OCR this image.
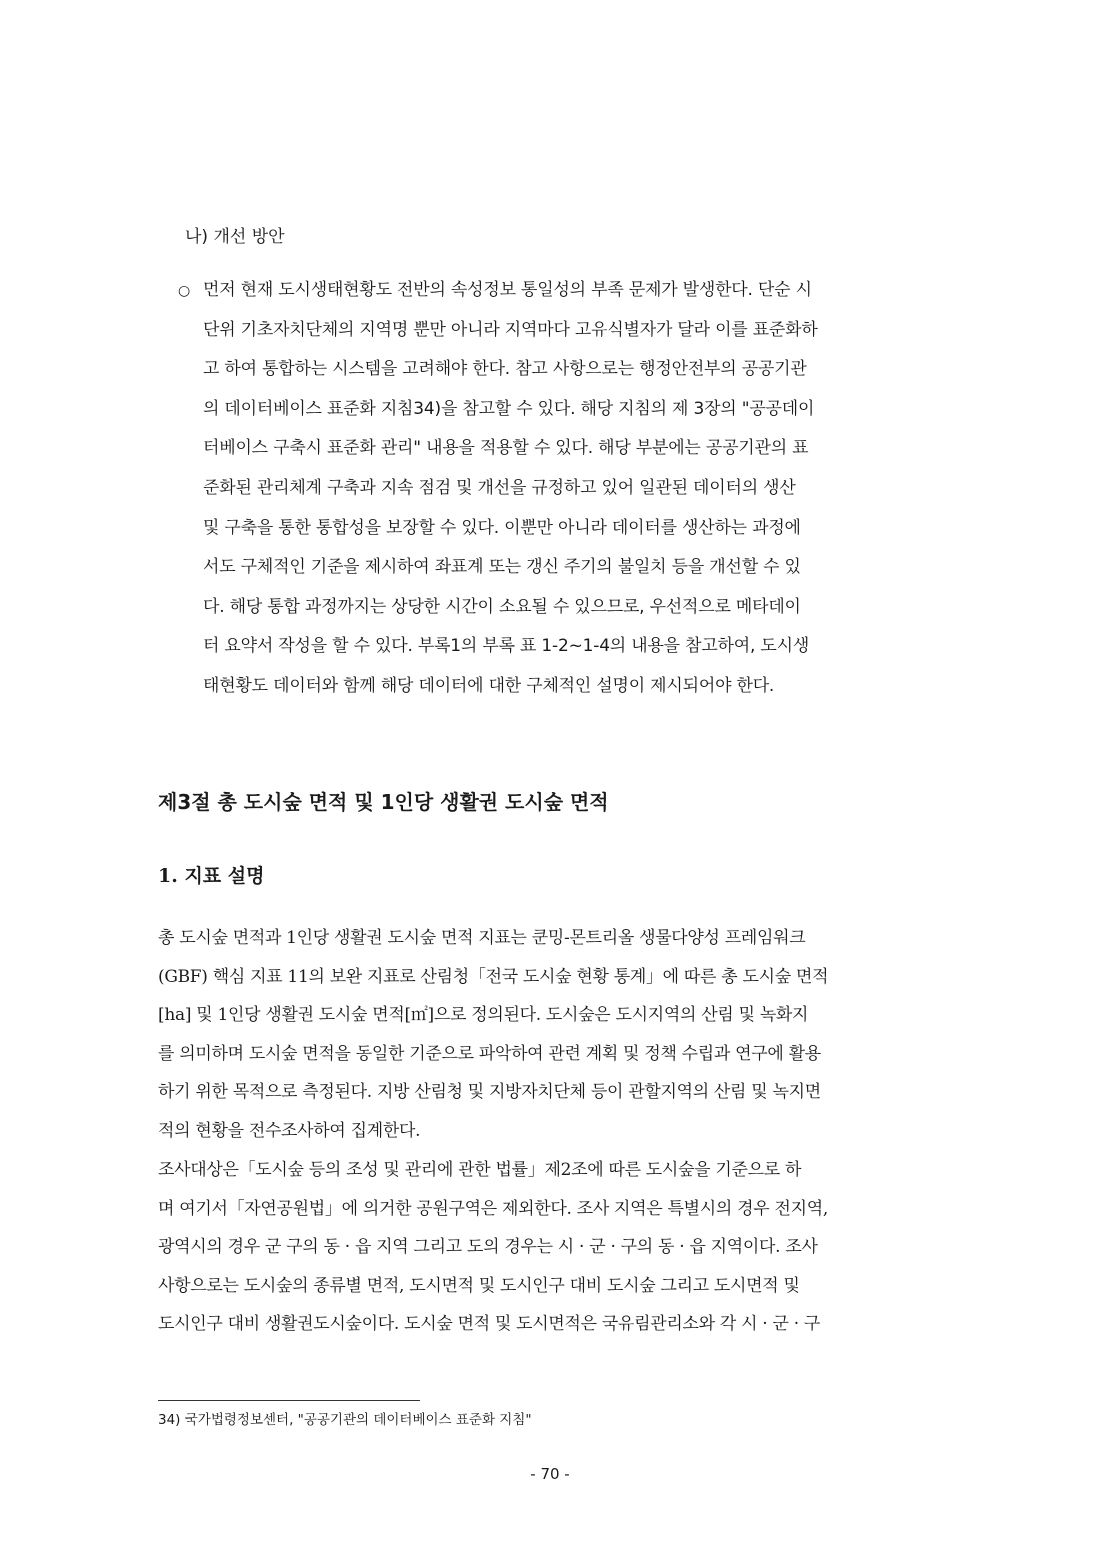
나) 개선 방안
○ 먼저 현재 도시생태현황도 전반의 속성정보 통일성의 부족 문제가 발생한다. 단순 시
단위 기초자치단체의 지역명 뿐만 아니라 지역마다 고유식별자가 달라 이를 표준화하
고 하여 통합하는 시스템을 고려해야 한다. 참고 사항으로는 행정안전부의 공공기관
의 데이터베이스 표준화 지침34)을 참고할 수 있다. 해당 지침의 제 3장의 "공공데이
터베이스 구축시 표준화 관리" 내용을 적용할 수 있다. 해당 부분에는 공공기관의 표
준화된 관리체계 구축과 지속 점검 및 개선을 규정하고 있어 일관된 데이터의 생산
및 구축을 통한 통합성을 보장할 수 있다. 이뿐만 아니라 데이터를 생산하는 과정에
서도 구체적인 기준을 제시하여 좌표계 또는 갱신 주기의 불일치 등을 개선할 수 있
다. 해당 통합 과정까지는 상당한 시간이 소요될 수 있으므로, 우선적으로 메타데이
터 요약서 작성을 할 수 있다. 부록1의 부록 표 1-2~1-4의 내용을 참고하여, 도시생
태현황도 데이터와 함께 해당 데이터에 대한 구체적인 설명이 제시되어야 한다.
제3절 총 도시숲 면적 및 1인당 생활권 도시숲 면적
1. 지표 설명
총 도시숲 면적과 1인당 생활권 도시숲 면적 지표는 쿤밍-몬트리올 생물다양성 프레임워크
(GBF) 핵심 지표 11의 보완 지표로 산림청「전국 도시숲 현황 통계」에 따른 총 도시숲 면적
[ha] 및 1인당 생활권 도시숲 면적[㎡]으로 정의된다. 도시숲은 도시지역의 산림 및 녹화지
를 의미하며 도시숲 면적을 동일한 기준으로 파악하여 관련 계획 및 정책 수립과 연구에 활용
하기 위한 목적으로 측정된다. 지방 산림청 및 지방자치단체 등이 관할지역의 산림 및 녹지면
적의 현황을 전수조사하여 집계한다.
조사대상은「도시숲 등의 조성 및 관리에 관한 법률」제2조에 따른 도시숲을 기준으로 하
며 여기서「자연공원법」에 의거한 공원구역은 제외한다. 조사 지역은 특별시의 경우 전지역,
광역시의 경우 군 구의 동 · 읍 지역 그리고 도의 경우는 시 · 군 · 구의 동 · 읍 지역이다. 조사
사항으로는 도시숲의 종류별 면적, 도시면적 및 도시인구 대비 도시숲 그리고 도시면적 및
도시인구 대비 생활권도시숲이다. 도시숲 면적 및 도시면적은 국유림관리소와 각 시 · 군 · 구
34) 국가법령정보센터, "공공기관의 데이터베이스 표준화 지침"
- 70 -
